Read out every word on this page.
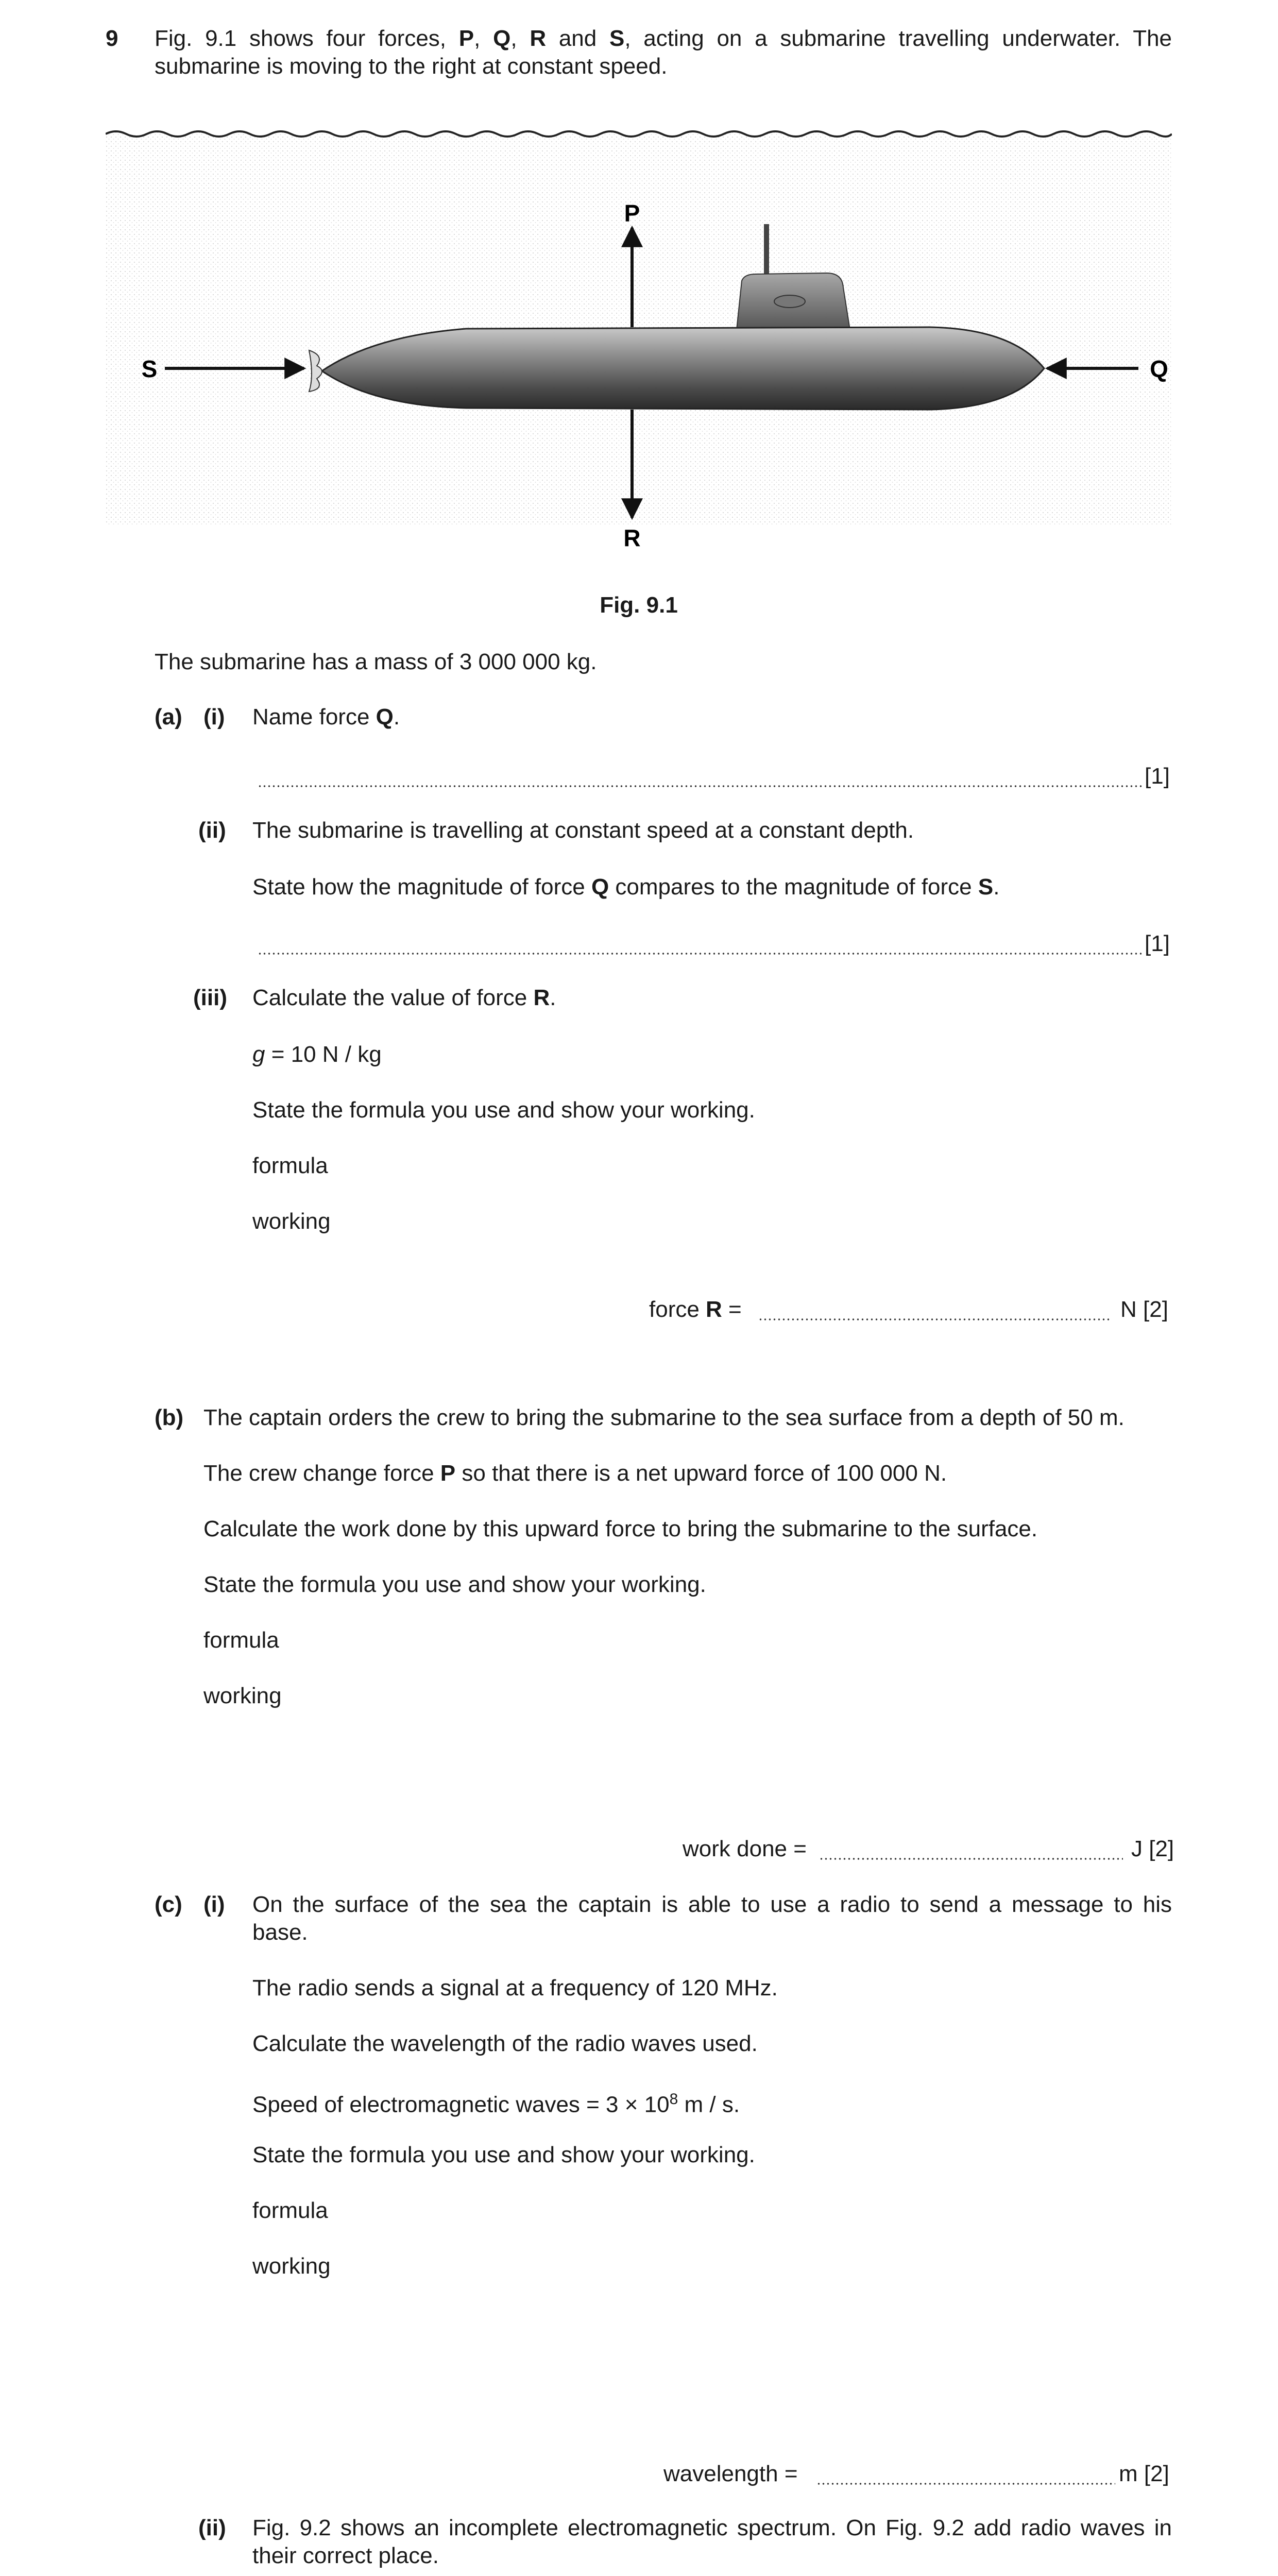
9 Fig. 9.1 shows four forces, P, Q, R and S, acting on a submarine travelling underwater. The
submarine is moving to the right at constant speed.
P
R
Q
S
Fig. 9.1
The submarine has a mass of 3 000 000 kg.
(a) (i) Name force Q.
[1]
(ii) The submarine is travelling at constant speed at a constant depth.
State how the magnitude of force Q compares to the magnitude of force S.
[1]
(iii) Calculate the value of force R.
g = 10 N / kg
State the formula you use and show your working.
formula
working
force R =	N [2]
(b) The captain orders the crew to bring the submarine to the sea surface from a depth of 50 m.
The crew change force P so that there is a net upward force of 100 000 N.
Calculate the work done by this upward force to bring the submarine to the surface.
State the formula you use and show your working.
formula
working
work done =	J [2]
(c) (i) On the surface of the sea the captain is able to use a radio to send a message to his
base.
The radio sends a signal at a frequency of 120 MHz.
Calculate the wavelength of the radio waves used.
Speed of electromagnetic waves = $3 \times 10^8$ m / s.
State the formula you use and show your working.
formula
working
wavelength =	m [2]
(ii) Fig. 9.2 shows an incomplete electromagnetic spectrum. On Fig. 9.2 add radio waves in
their correct place.
